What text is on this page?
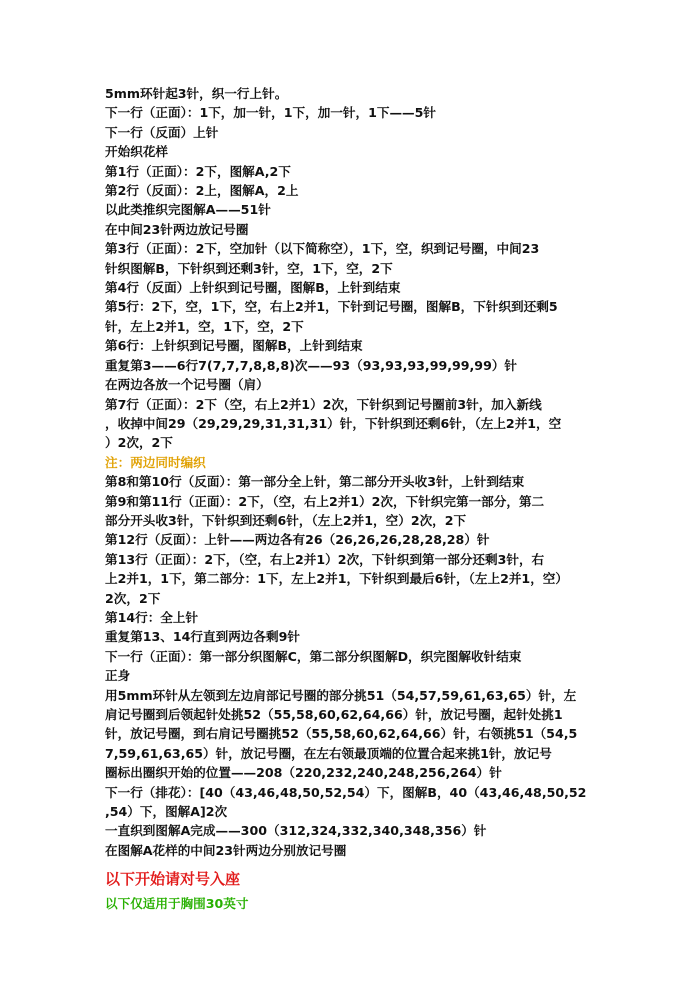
5mm环针起3针，织一行上针。
下一行（正面）：1下，加一针，1下，加一针，1下——5针
下一行（反面）上针
开始织花样
第1行（正面）：2下，图解A,2下
第2行（反面）：2上，图解A，2上
以此类推织完图解A——51针
在中间23针两边放记号圈
第3行（正面）：2下，空加针（以下简称空），1下，空，织到记号圈，中间23
针织图解B，下针织到还剩3针，空，1下，空，2下
第4行（反面）上针织到记号圈，图解B，上针到结束
第5行：2下，空，1下，空，右上2并1，下针到记号圈，图解B，下针织到还剩5
针，左上2并1，空，1下，空，2下
第6行：上针织到记号圈，图解B，上针到结束
重复第3——6行7(7,7,7,8,8,8)次——93（93,93,93,99,99,99）针
在两边各放一个记号圈（肩）
第7行（正面）：2下（空，右上2并1）2次，下针织到记号圈前3针，加入新线
，收掉中间29（29,29,29,31,31,31）针，下针织到还剩6针，（左上2并1，空
）2次，2下
注：两边同时编织
第8和第10行（反面）：第一部分全上针，第二部分开头收3针，上针到结束
第9和第11行（正面）：2下，（空，右上2并1）2次，下针织完第一部分，第二
部分开头收3针，下针织到还剩6针，（左上2并1，空）2次，2下
第12行（反面）：上针——两边各有26（26,26,26,28,28,28）针
第13行（正面）：2下，（空，右上2并1）2次，下针织到第一部分还剩3针，右
上2并1，1下，第二部分：1下，左上2并1，下针织到最后6针，（左上2并1，空）
2次，2下
第14行：全上针
重复第13、14行直到两边各剩9针
下一行（正面）：第一部分织图解C，第二部分织图解D，织完图解收针结束
正身
用5mm环针从左领到左边肩部记号圈的部分挑51（54,57,59,61,63,65）针，左
肩记号圈到后领起针处挑52（55,58,60,62,64,66）针，放记号圈，起针处挑1
针，放记号圈，到右肩记号圈挑52（55,58,60,62,64,66）针，右领挑51（54,5
7,59,61,63,65）针，放记号圈，在左右领最顶端的位置合起来挑1针，放记号
圈标出圈织开始的位置——208（220,232,240,248,256,264）针
下一行（排花）：[40（43,46,48,50,52,54）下，图解B，40（43,46,48,50,52
,54）下，图解A]2次
一直织到图解A完成——300（312,324,332,340,348,356）针
在图解A花样的中间23针两边分别放记号圈
以下开始请对号入座
以下仅适用于胸围30英寸
